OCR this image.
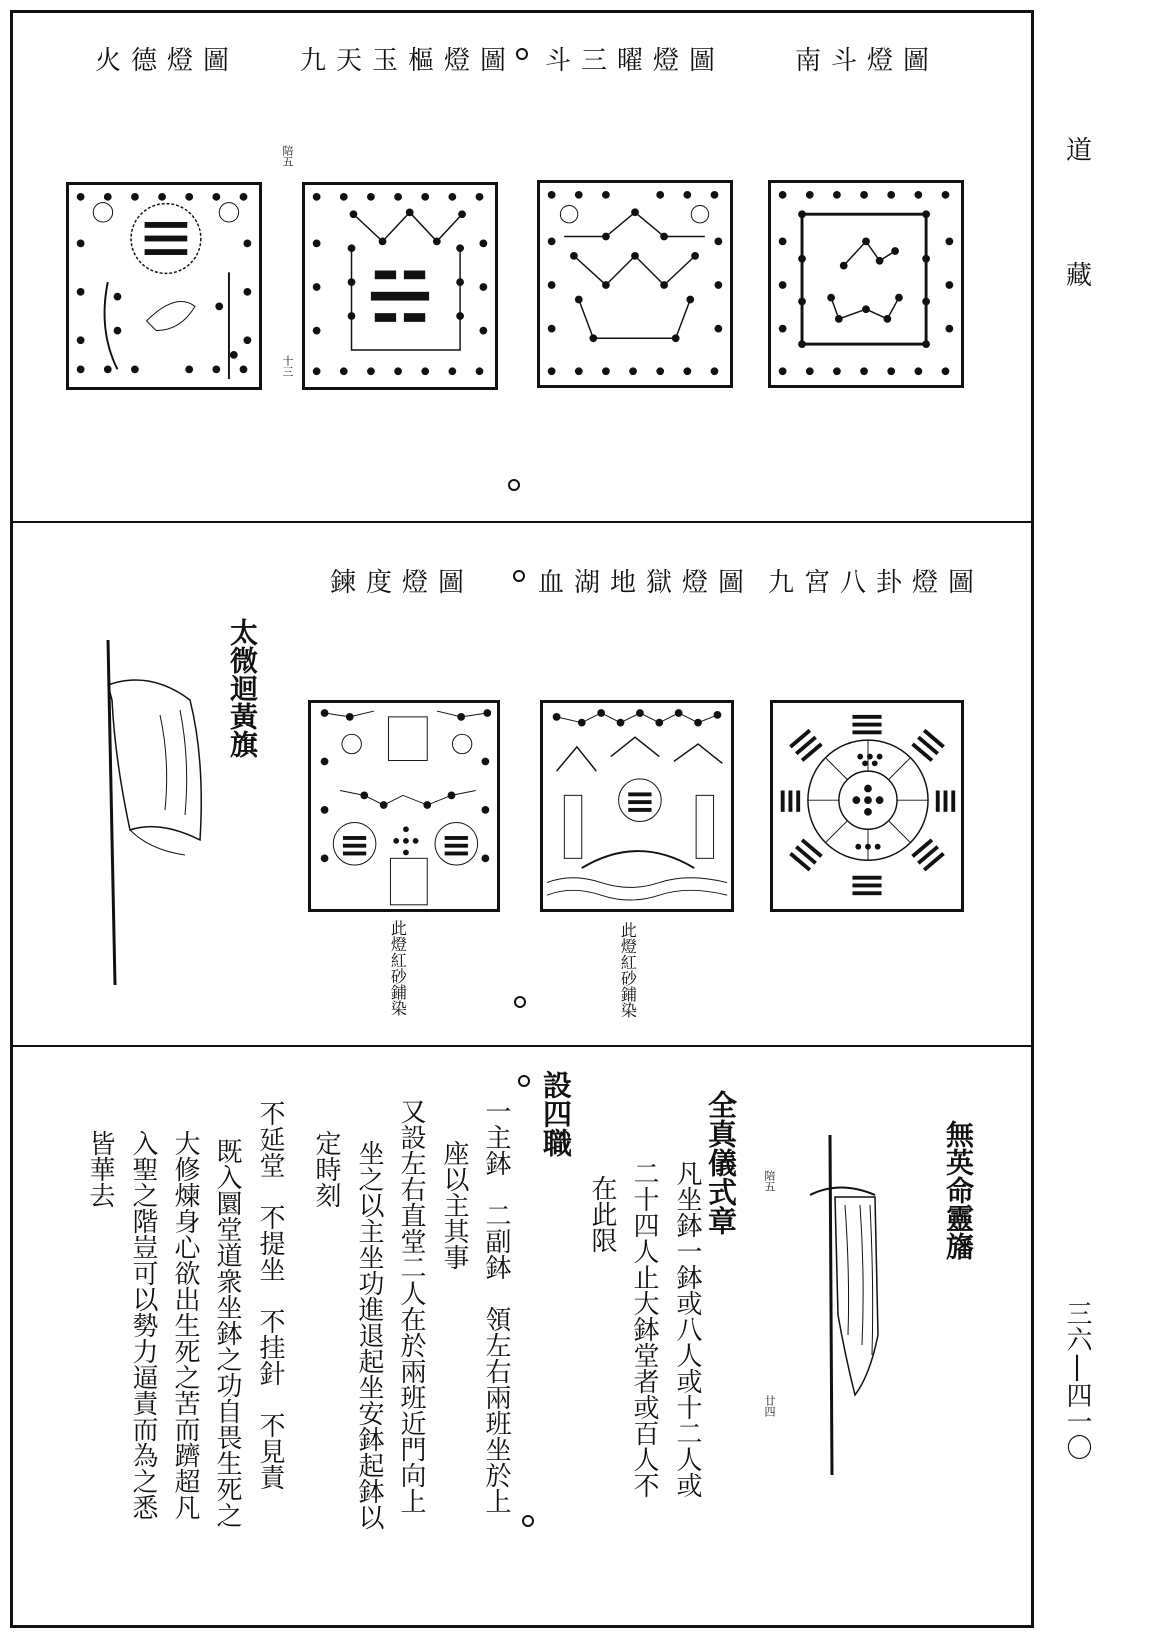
道
藏
三六|四一〇
火德燈圖 九天玉樞燈圖 斗三曜燈圖	南斗燈圖
陪五
十三
鍊度燈圖 血湖地獄燈圖 九宮八卦燈圖
太微迴黃旗
此燈紅砂鋪染	此燈紅砂鋪染
無英命靈旛
陪五
廿四
全真儀式章
凡坐鉢一鉢或八人或十二人或
二十四人止大鉢堂者或百人不
在此限
設四職
一主鉢　二副鉢　領左右兩班坐於上
座以主其事
又設左右直堂二人在於兩班近門向上
坐之以主坐功進退起坐安鉢起鉢以
定時刻
不延堂　不提坐　不挂針　不見責
既入圜堂道衆坐鉢之功自畏生死之
大修煉身心欲出生死之苦而躋超凡
入聖之階豈可以勢力逼責而為之悉
皆華去
